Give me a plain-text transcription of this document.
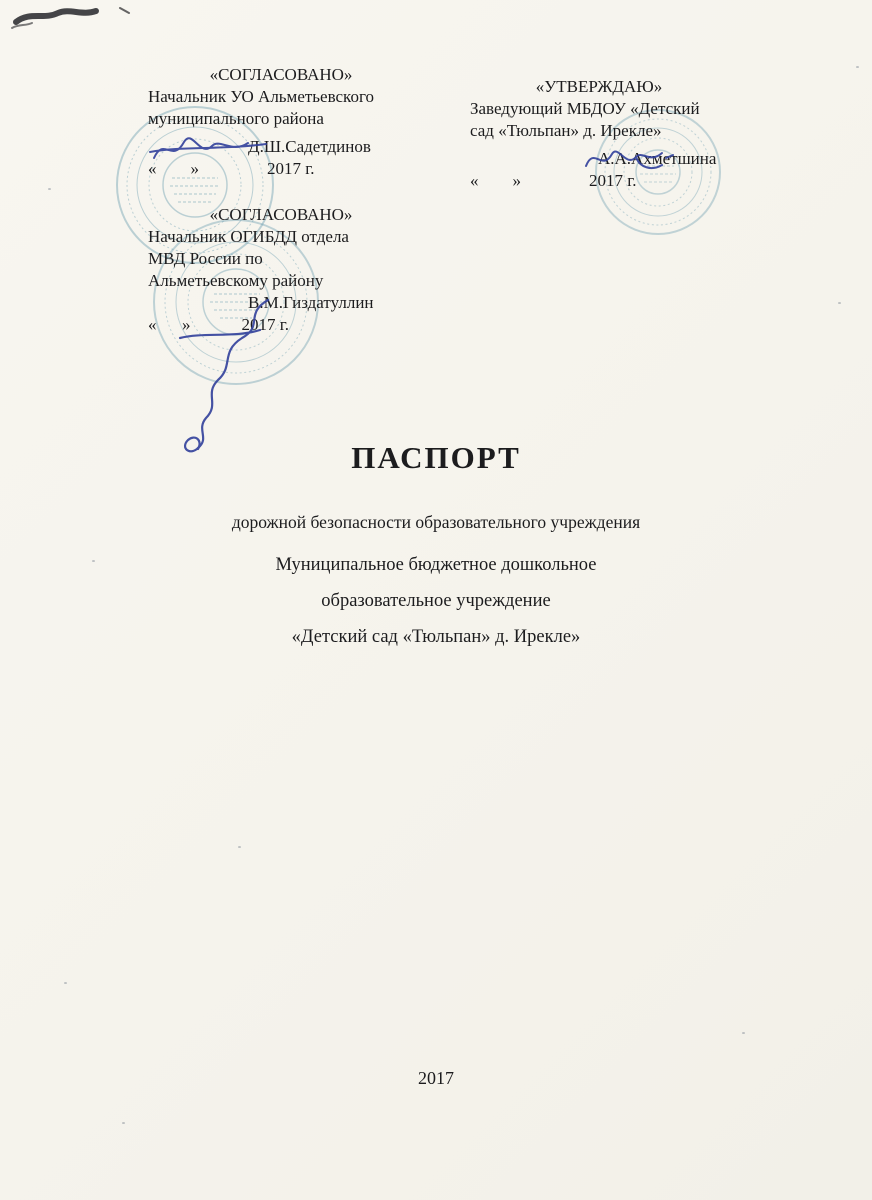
«СОГЛАСОВАНО»
Начальник УО Альметьевского
муниципального района
Д.Ш.Садетдинов
«        »                2017 г.
«УТВЕРЖДАЮ»
Заведующий МБДОУ «Детский
сад «Тюльпан» д. Ирекле»
А.А.Ахметшина
«        »                2017 г.
«СОГЛАСОВАНО»
Начальник ОГИБДД отдела
МВД России по
Альметьевскому району
В.М.Гиздатуллин
«      »            2017 г.
ПАСПОРТ
дорожной безопасности образовательного учреждения
Муниципальное бюджетное дошкольное
образовательное учреждение
«Детский сад «Тюльпан» д. Ирекле»
2017
